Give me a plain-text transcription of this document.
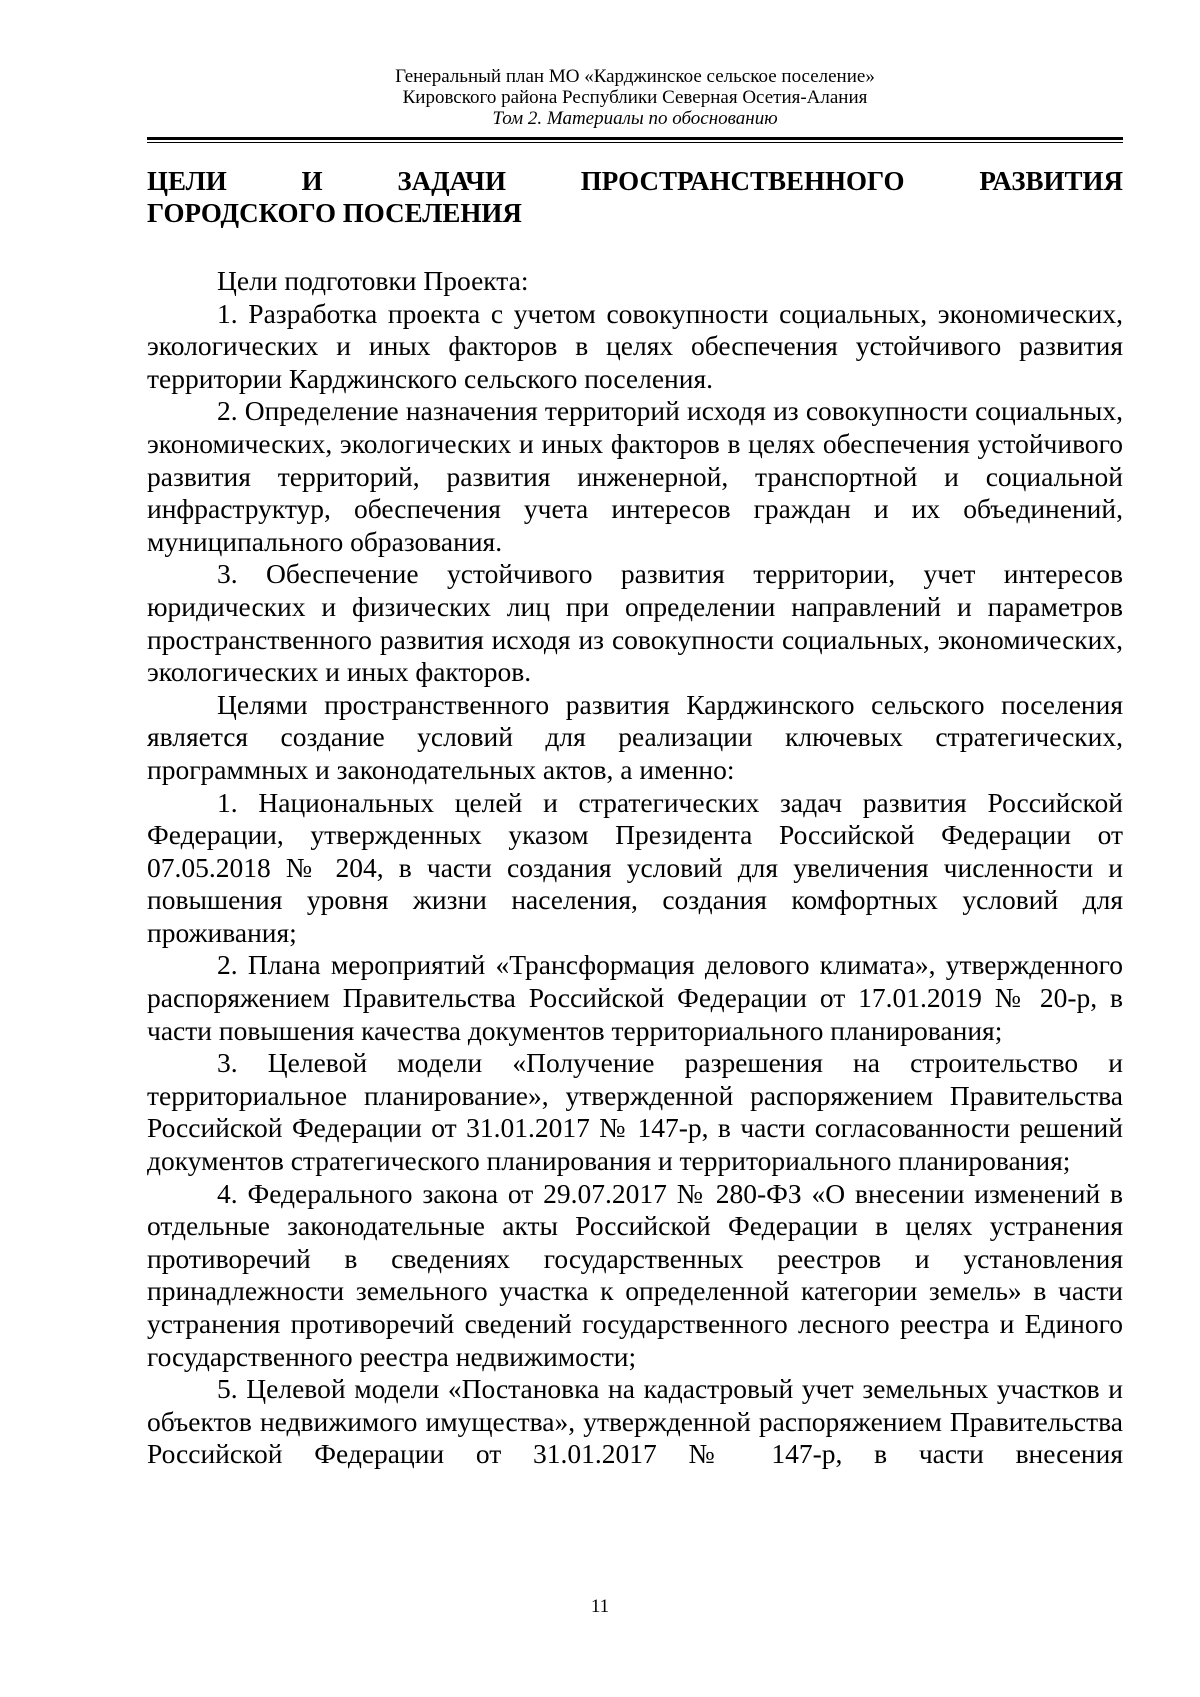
Генеральный план МО «Карджинское сельское поселение»
Кировского района Республики Северная Осетия-Алания
Том 2. Материалы по обоснованию
ЦЕЛИ И ЗАДАЧИ ПРОСТРАНСТВЕННОГО РАЗВИТИЯ
ГОРОДСКОГО ПОСЕЛЕНИЯ

Цели подготовки Проекта:

1. Разработка проекта с учетом совокупности социальных, экономических, экологических и иных факторов в целях обеспечения устойчивого развития территории Карджинского сельского поселения.

2. Определение назначения территорий исходя из совокупности социальных, экономических, экологических и иных факторов в целях обеспечения устойчивого развития территорий, развития инженерной, транспортной и социальной инфраструктур, обеспечения учета интересов граждан и их объединений, муниципального образования.

3. Обеспечение устойчивого развития территории, учет интересов юридических и физических лиц при определении направлений и параметров пространственного развития исходя из совокупности социальных, экономических, экологических и иных факторов.

Целями пространственного развития Карджинского сельского поселения является создание условий для реализации ключевых стратегических, программных и законодательных актов, а именно:

1. Национальных целей и стратегических задач развития Российской Федерации, утвержденных указом Президента Российской Федерации от 07.05.2018 № 204, в части создания условий для увеличения численности и повышения уровня жизни населения, создания комфортных условий для проживания;

2. Плана мероприятий «Трансформация делового климата», утвержденного распоряжением Правительства Российской Федерации от 17.01.2019 № 20-р, в части повышения качества документов территориального планирования;

3. Целевой модели «Получение разрешения на строительство и территориальное планирование», утвержденной распоряжением Правительства Российской Федерации от 31.01.2017 № 147-р, в части согласованности решений документов стратегического планирования и территориального планирования;

4. Федерального закона от 29.07.2017 № 280-ФЗ «О внесении изменений в отдельные законодательные акты Российской Федерации в целях устранения противоречий в сведениях государственных реестров и установления принадлежности земельного участка к определенной категории земель» в части устранения противоречий сведений государственного лесного реестра и Единого государственного реестра недвижимости;

5. Целевой модели «Постановка на кадастровый учет земельных участков и объектов недвижимого имущества», утвержденной распоряжением Правительства Российской Федерации от 31.01.2017 № 147-р, в части внесения

11
